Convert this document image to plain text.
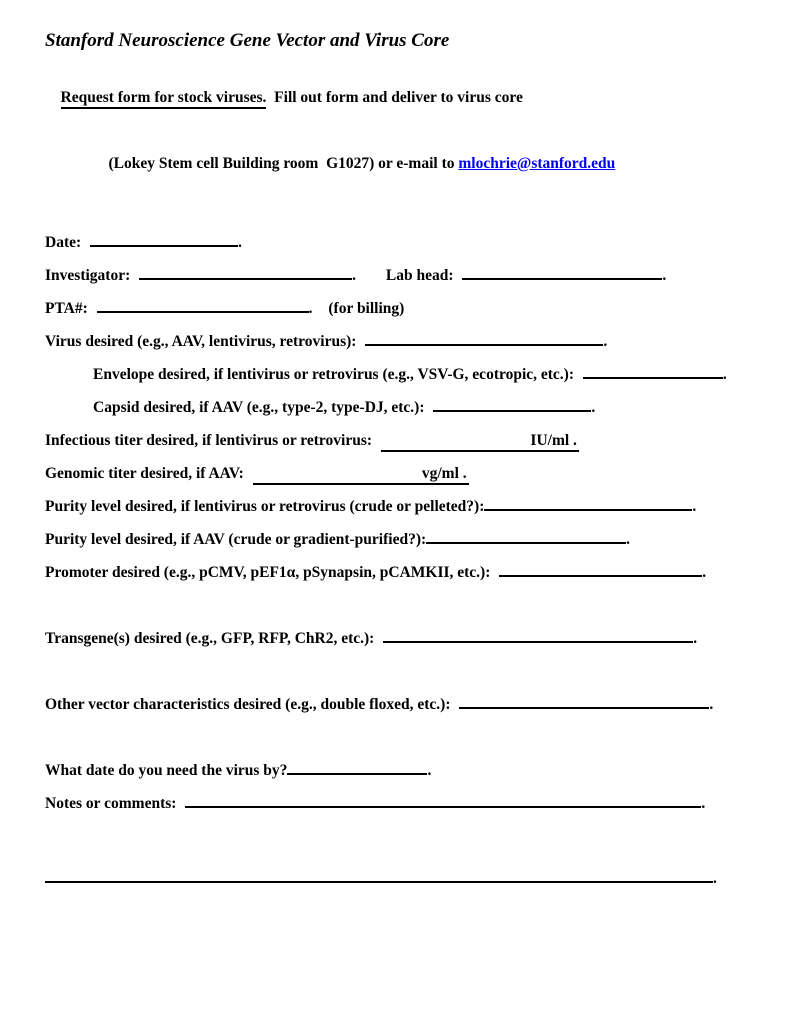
Stanford Neuroscience Gene Vector and Virus Core

Request form for stock viruses.  Fill out form and deliver to virus core

(Lokey Stem cell Building room  G1027) or e-mail to mlochrie@stanford.edu

Date:	.
Investigator:	. Lab head:	.
PTA#:	. (for billing)
Virus desired (e.g., AAV, lentivirus, retrovirus):	.
Envelope desired, if lentivirus or retrovirus (e.g., VSV-G, ecotropic, etc.):	.
Capsid desired, if AAV (e.g., type-2, type-DJ, etc.):	.
Infectious titer desired, if lentivirus or retrovirus:	IU/ml .
Genomic titer desired, if AAV:	vg/ml .
Purity level desired, if lentivirus or retrovirus (crude or pelleted?):	.
Purity level desired, if AAV (crude or gradient-purified?):	.
Promoter desired (e.g., pCMV, pEF1α, pSynapsin, pCAMKII, etc.):	.
Transgene(s) desired (e.g., GFP, RFP, ChR2, etc.):	.
Other vector characteristics desired (e.g., double floxed, etc.):	.
What date do you need the virus by?	.
Notes or comments:	.
.
